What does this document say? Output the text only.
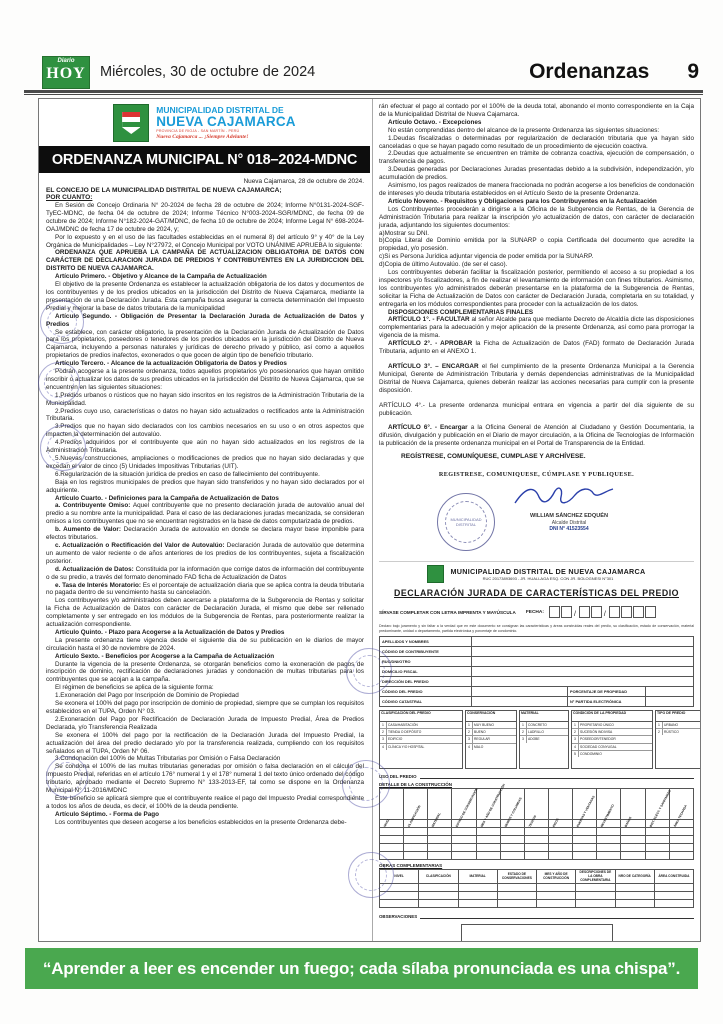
Diario
HOY Miércoles, 30 de octubre de 2024	Ordenanzas 9
MUNICIPALIDAD DISTRITAL DE
NUEVA CAJAMARCA
PROVINCIA DE RIOJA - SAN MARTÍN - PERÚ
Nueva Cajamarca ... ¡Siempre Adelante!
ORDENANZA MUNICIPAL N° 018–2024-MDNC
Nueva Cajamarca, 28 de octubre de 2024.
EL CONCEJO DE LA MUNICIPALIDAD DISTRITAL DE NUEVA CAJAMARCA;
POR CUANTO:

En Sesión de Concejo Ordinaria N° 20-2024 de fecha 28 de octubre de 2024; Informe N°0131-2024-SGF-TyEC-MDNC, de fecha 04 de octubre de 2024; Informe Técnico N°003-2024-SGR/MDNC, de fecha 09 de octubre de 2024; Informe N°182-2024-GAT/MDNC, de fecha 10 de octubre de 2024; Informe Legal N° 698-2024-OAJ/MDNC de fecha 17 de octubre de 2024, y;

Por lo expuesto y en el uso de las facultades establecidas en el numeral 8) del artículo 9° y 40° de la Ley Orgánica de Municipalidades – Ley N°27972, el Concejo Municipal por VOTO UNÁNIME APRUEBA lo siguiente:

ORDENANZA QUE APRUEBA LA CAMPAÑA DE ACTUALIZACION OBLIGATORIA DE DATOS CON CARÁCTER DE DECLARACION JURADA DE PREDIOS Y CONTRIBUYENTES EN LA JURIDICCION DEL DISTRITO DE NUEVA CAJAMARCA.

Artículo Primero. - Objetivo y Alcance de la Campaña de Actualización

El objetivo de la presente Ordenanza es establecer la actualización obligatoria de los datos y documentos de los contribuyentes y de los predios ubicados en la jurisdicción del Distrito de Nueva Cajamarca, mediante la presentación de una Declaración Jurada. Esta campaña busca asegurar la correcta determinación del Impuesto Predial y mejorar la base de datos tributaria de la municipalidad

Artículo Segundo. - Obligación de Presentar la Declaración Jurada de Actualización de Datos y Predios

Se establece, con carácter obligatorio, la presentación de la Declaración Jurada de Actualización de Datos para los propietarios, poseedores o tenedores de los predios ubicados en la jurisdicción del Distrito de Nueva Cajamarca, incluyendo a personas naturales y jurídicas de derecho privado y público, así como a aquellos propietarios de predios inafectos, exonerados o que gocen de algún tipo de beneficio tributario.

Artículo Tercero. - Alcance de la actualización Obligatoria de Datos y Predios

Podrán acogerse a la presente ordenanza, todos aquellos propietarios y/o posesionarios que hayan omitido inscribir o actualizar los datos de sus predios ubicados en la jurisdicción del Distrito de Nueva Cajamarca, que se encuentren en las siguientes situaciones:

1.Predios urbanos o rústicos que no hayan sido inscritos en los registros de la Administración Tributaria de la Municipalidad.

2.Predios cuyo uso, características o datos no hayan sido actualizados o rectificados ante la Administración Tributaria.

3.Predios que no hayan sido declarados con los cambios necesarios en su uso o en otros aspectos que impacten la determinación del autovalúo.

4.Predios adquiridos por el contribuyente que aún no hayan sido actualizados en los registros de la Administración Tributaria.

5.Nuevas construcciones, ampliaciones o modificaciones de predios que no hayan sido declaradas y que excedan el valor de cinco (5) Unidades Impositivas Tributarias (UIT).

6.Regularización de la situación jurídica de predios en caso de fallecimiento del contribuyente.

Baja en los registros municipales de predios que hayan sido transferidos y no hayan sido declarados por el adquiriente.

Artículo Cuarto. - Definiciones para la Campaña de Actualización de Datos

a. Contribuyente Omiso: Aquel contribuyente que no presento declaración jurada de autovalúo anual del predio a su nombre ante la municipalidad. Para el caso de las declaraciones juradas mecanizada, se consideran omisos a los contribuyentes que no se encuentran registrados en la base de datos computarizada de predios.

b. Aumento de Valor: Declaración Jurada de autovalúo en donde se declara mayor base imponible para efectos tributarios.

c. Actualización o Rectificación del Valor de Autovalúo: Declaración Jurada de autovalúo que determina un aumento de valor reciente o de años anteriores de los predios de los contribuyentes, sujeta a fiscalización posterior.

d. Actualización de Datos: Constituida por la información que corrige datos de información del contribuyente o de su predio, a través del formato denominado FAD ficha de Actualización de Datos

e. Tasa de Interés Moratorio: Es el porcentaje de actualización diaria que se aplica contra la deuda tributaria no pagada dentro de su vencimiento hasta su cancelación.

Los contribuyentes y/o administrados deben acercarse a plataforma de la Subgerencia de Rentas y solicitar la Ficha de Actualización de Datos con carácter de Declaración Jurada, el mismo que debe ser rellenado completamente y ser entregado en los módulos de la Subgerencia de Rentas, para posteriormente realizar la actualización correspondiente.

Artículo Quinto. - Plazo para Acogerse a la Actualización de Datos y Predios

La presente ordenanza tiene vigencia desde el siguiente dia de su publicación en le diarios de mayor circulación hasta el 30 de noviembre de 2024.

Artículo Sexto. - Beneficios por Acogerse a la Campaña de Actualización

Durante la vigencia de la presente Ordenanza, se otorgarán beneficios como la exoneración de pagos de inscripción de dominio, rectificación de declaraciones juradas y condonación de multas tributarias para los contribuyentes que se acojan a la campaña.

El régimen de beneficios se aplica de la siguiente forma:

1.Exoneración del Pago por Inscripción de Dominio de Propiedad

Se exonera el 100% del pago por inscripción de dominio de propiedad, siempre que se cumplan los requisitos establecidos en el TUPA, Orden N° 03.

2.Exoneración del Pago por Rectificación de Declaración Jurada de Impuesto Predial, Área de Predios Declarada, y/o Transferencia Realizada

Se exonera el 100% del pago por la rectificación de la Declaración Jurada del Impuesto Predial, la actualización del área del predio declarado y/o por la transferencia realizada, cumpliendo con los requisitos señalados en el TUPA, Orden N° 06.

3.Condonación del 100% de Multas Tributarias por Omisión o Falsa Declaración

Se condona el 100% de las multas tributarias generadas por omisión o falsa declaración en el cálculo del Impuesto Predial, referidas en el artículo 176° numeral 1 y el 178° numeral 1 del texto único ordenado del código tributario, aprobado mediante el Decreto Supremo N° 133-2013-EF, tal como se dispone en la Ordenanza Municipal N° 11-2016/MDNC

Este beneficio se aplicará siempre que el contribuyente realice el pago del Impuesto Predial correspondiente a todos los años de deuda, es decir, el 100% de la deuda pendiente.

Artículo Séptimo. - Forma de Pago

Los contribuyentes que deseen acogerse a los beneficios establecidos en la presente Ordenanza debe-

rán efectuar el pago al contado por el 100% de la deuda total, abonando el monto correspondiente en la Caja de la Municipalidad Distrital de Nueva Cajamarca.

Artículo Octavo. - Excepciones

No están comprendidas dentro del alcance de la presente Ordenanza las siguientes situaciones:

1.Deudas fiscalizadas o determinadas por regularización de declaración tributaria que ya hayan sido canceladas o que se hayan pagado como resultado de un procedimiento de ejecución coactiva.

2.Deudas que actualmente se encuentren en trámite de cobranza coactiva, ejecución de compensación, o transferencia de pagos.

3.Deudas generadas por Declaraciones Juradas presentadas debido a la subdivisión, independización, y/o acumulación de predios.

Asimismo, los pagos realizados de manera fraccionada no podrán acogerse a los beneficios de condonación de intereses y/o deuda tributaria establecidos en el Artículo Sexto de la presente Ordenanza.

Artículo Noveno. - Requisitos y Obligaciones para los Contribuyentes en la Actualización

Los Contribuyentes procederán a dirigirse a la Oficina de la Subgerencia de Rentas, de la Gerencia de Administración Tributaria para realizar la inscripción y/o actualización de datos, con carácter de declaración jurada, adjuntando los siguientes documentos:

a)Mostrar su DNI.

b)Copia Literal de Dominio emitida por la SUNARP o copia Certificada del documento que acredite la propiedad, y/o posesión.

c)Si es Persona Jurídica adjuntar vigencia de poder emitida por la SUNARP.

d)Copia de último Autovalúo. (de ser el caso).

Los contribuyentes deberán facilitar la fiscalización posterior, permitiendo el acceso a su propiedad a los inspectores y/o fiscalizadores, a fin de realizar el levantamiento de información con fines tributarios. Asimismo, los contribuyentes y/o administrados deberán presentarse en la plataforma de la Subgerencia de Rentas, solicitar la Ficha de Actualización de Datos con carácter de Declaración Jurada, completarla en su totalidad, y entregarla en los módulos correspondientes para proceder con la actualización de los datos.

DISPOSICIONES COMPLEMENTARIAS FINALES

ARTÍCULO 1°. - FACULTAR al señor Alcalde para que mediante Decreto de Alcaldía dicte las disposiciones complementarias para la adecuación y mejor aplicación de la presente Ordenanza, así como para prorrogar la vigencia de la misma.

ARTÍCULO 2°. - APROBAR la Ficha de Actualización de Datos (FAD) formato de Declaración Jurada Tributaria, adjunto en el ANEXO 1.

ARTÍCULO 3°. – ENCARGAR el fiel cumplimiento de la presente Ordenanza Municipal a la Gerencia Municipal, Gerente de Administración Tributaria y demás dependencias administrativas de la Municipalidad Distrital de Nueva Cajamarca, quienes deberán realizar las acciones necesarias para cumplir con la presente disposición.

ARTÍCULO 4°.- La presente ordenanza municipal entrara en vigencia a partir del día siguiente de su publicación.

ARTÍCULO 6°. - Encargar a la Oficina General de Atención al Ciudadano y Gestión Documentaria, la difusión, divulgación y publicación en el Diario de mayor circulación, a la Oficina de Tecnologías de Información la publicación de la presente ordenanza municipal en el Portal de Transparencia de la Entidad.

REGÍSTRESE, COMUNÍQUESE, CUMPLASE Y ARCHÍVESE.
REGISTRESE, COMUNIQUESE, CÚMPLASE Y PUBLIQUESE.
MUNICIPALIDAD DISTRITAL
WILLIAM SÁNCHEZ EDQUÉN
Alcalde Distrital
DNI N° 41523554
MUNICIPALIDAD DISTRITAL DE NUEVA CAJAMARCA
RUC 20173893693 - JR. HUALLAGA ESQ. CON JR. BOLOGNESI N°301
DECLARACIÓN JURADA DE CARACTERÍSTICAS DEL PREDIO
SÍRVASE COMPLETAR CON LETRA IMPRENTA Y MAYÚSCULA FECHA:	/	/
Declaro bajo juramento y sin faltar a la verdad que en este documento se consignan las características y áreas construidas reales del predio, su clasificación, estado de conservación, material predominante, unidad o departamento, partida electrónica y porcentaje de condominio.
APELLIDOS Y NOMBRES
CÓDIGO DE CONTRIBUYENTE
RUC/DNI/OTRO
DOMICILIO FISCAL
DIRECCIÓN DEL PREDIO
CÓDIGO DEL PREDIO	PORCENTAJE DE PROPIEDAD
CÓDIGO CATASTRAL	N° PARTIDA ELECTRÓNICA
CLASIFICACIÓN DEL PREDIO
1	CASA/HABITACIÓN
2	TIENDA O DEPÓSITO
3	EDIFICIO
4	CLÍNICA Y/O HOSPITAL
CONSERVACIÓN
1	MUY BUENO
2	BUENO
3	REGULAR
4	MALO
MATERIAL
1	CONCRETO
2	LADRILLO
3	ADOBE
CONDICIÓN DE LA PROPIEDAD
1	PROPIETARIO ÚNICO
2	SUCESIÓN INDIVISA
3	POSEEDOR/TENEDOR
4	SOCIEDAD CONYUGAL
5	CONDOMINIO
TIPO DE PREDIO
1	URBANO
2	RÚSTICO
USO DEL PREDIO
DETALLE DE LA CONSTRUCCIÓN
NIVEL	CLASIFICACIÓN	MATERIAL	ESTADO DE CONSERVACIÓN	MES Y AÑO DE CONSTRUCCIÓN	MUROS Y COLUMNAS	TECHOS	PISOS	PUERTAS Y VENTANAS	REVESTIMIENTO	BAÑOS	INST. ELÉCT. Y SANITARIAS	ÁREA TECHADA

OBRAS COMPLEMENTARIAS
NIVEL	CLASIFICACIÓN	MATERIAL	ESTADO DE CONSERVACIONES	MES Y AÑO DE CONSTRUCCIÓN	DESCRIPCIONES DE LA OBRA COMPLEMENTARIA	NRO DE CATEGORÍA	ÁREA CONSTRUIDA

OBSERVACIONES
“Aprender a leer es encender un fuego; cada sílaba pronunciada es una chispa”.
